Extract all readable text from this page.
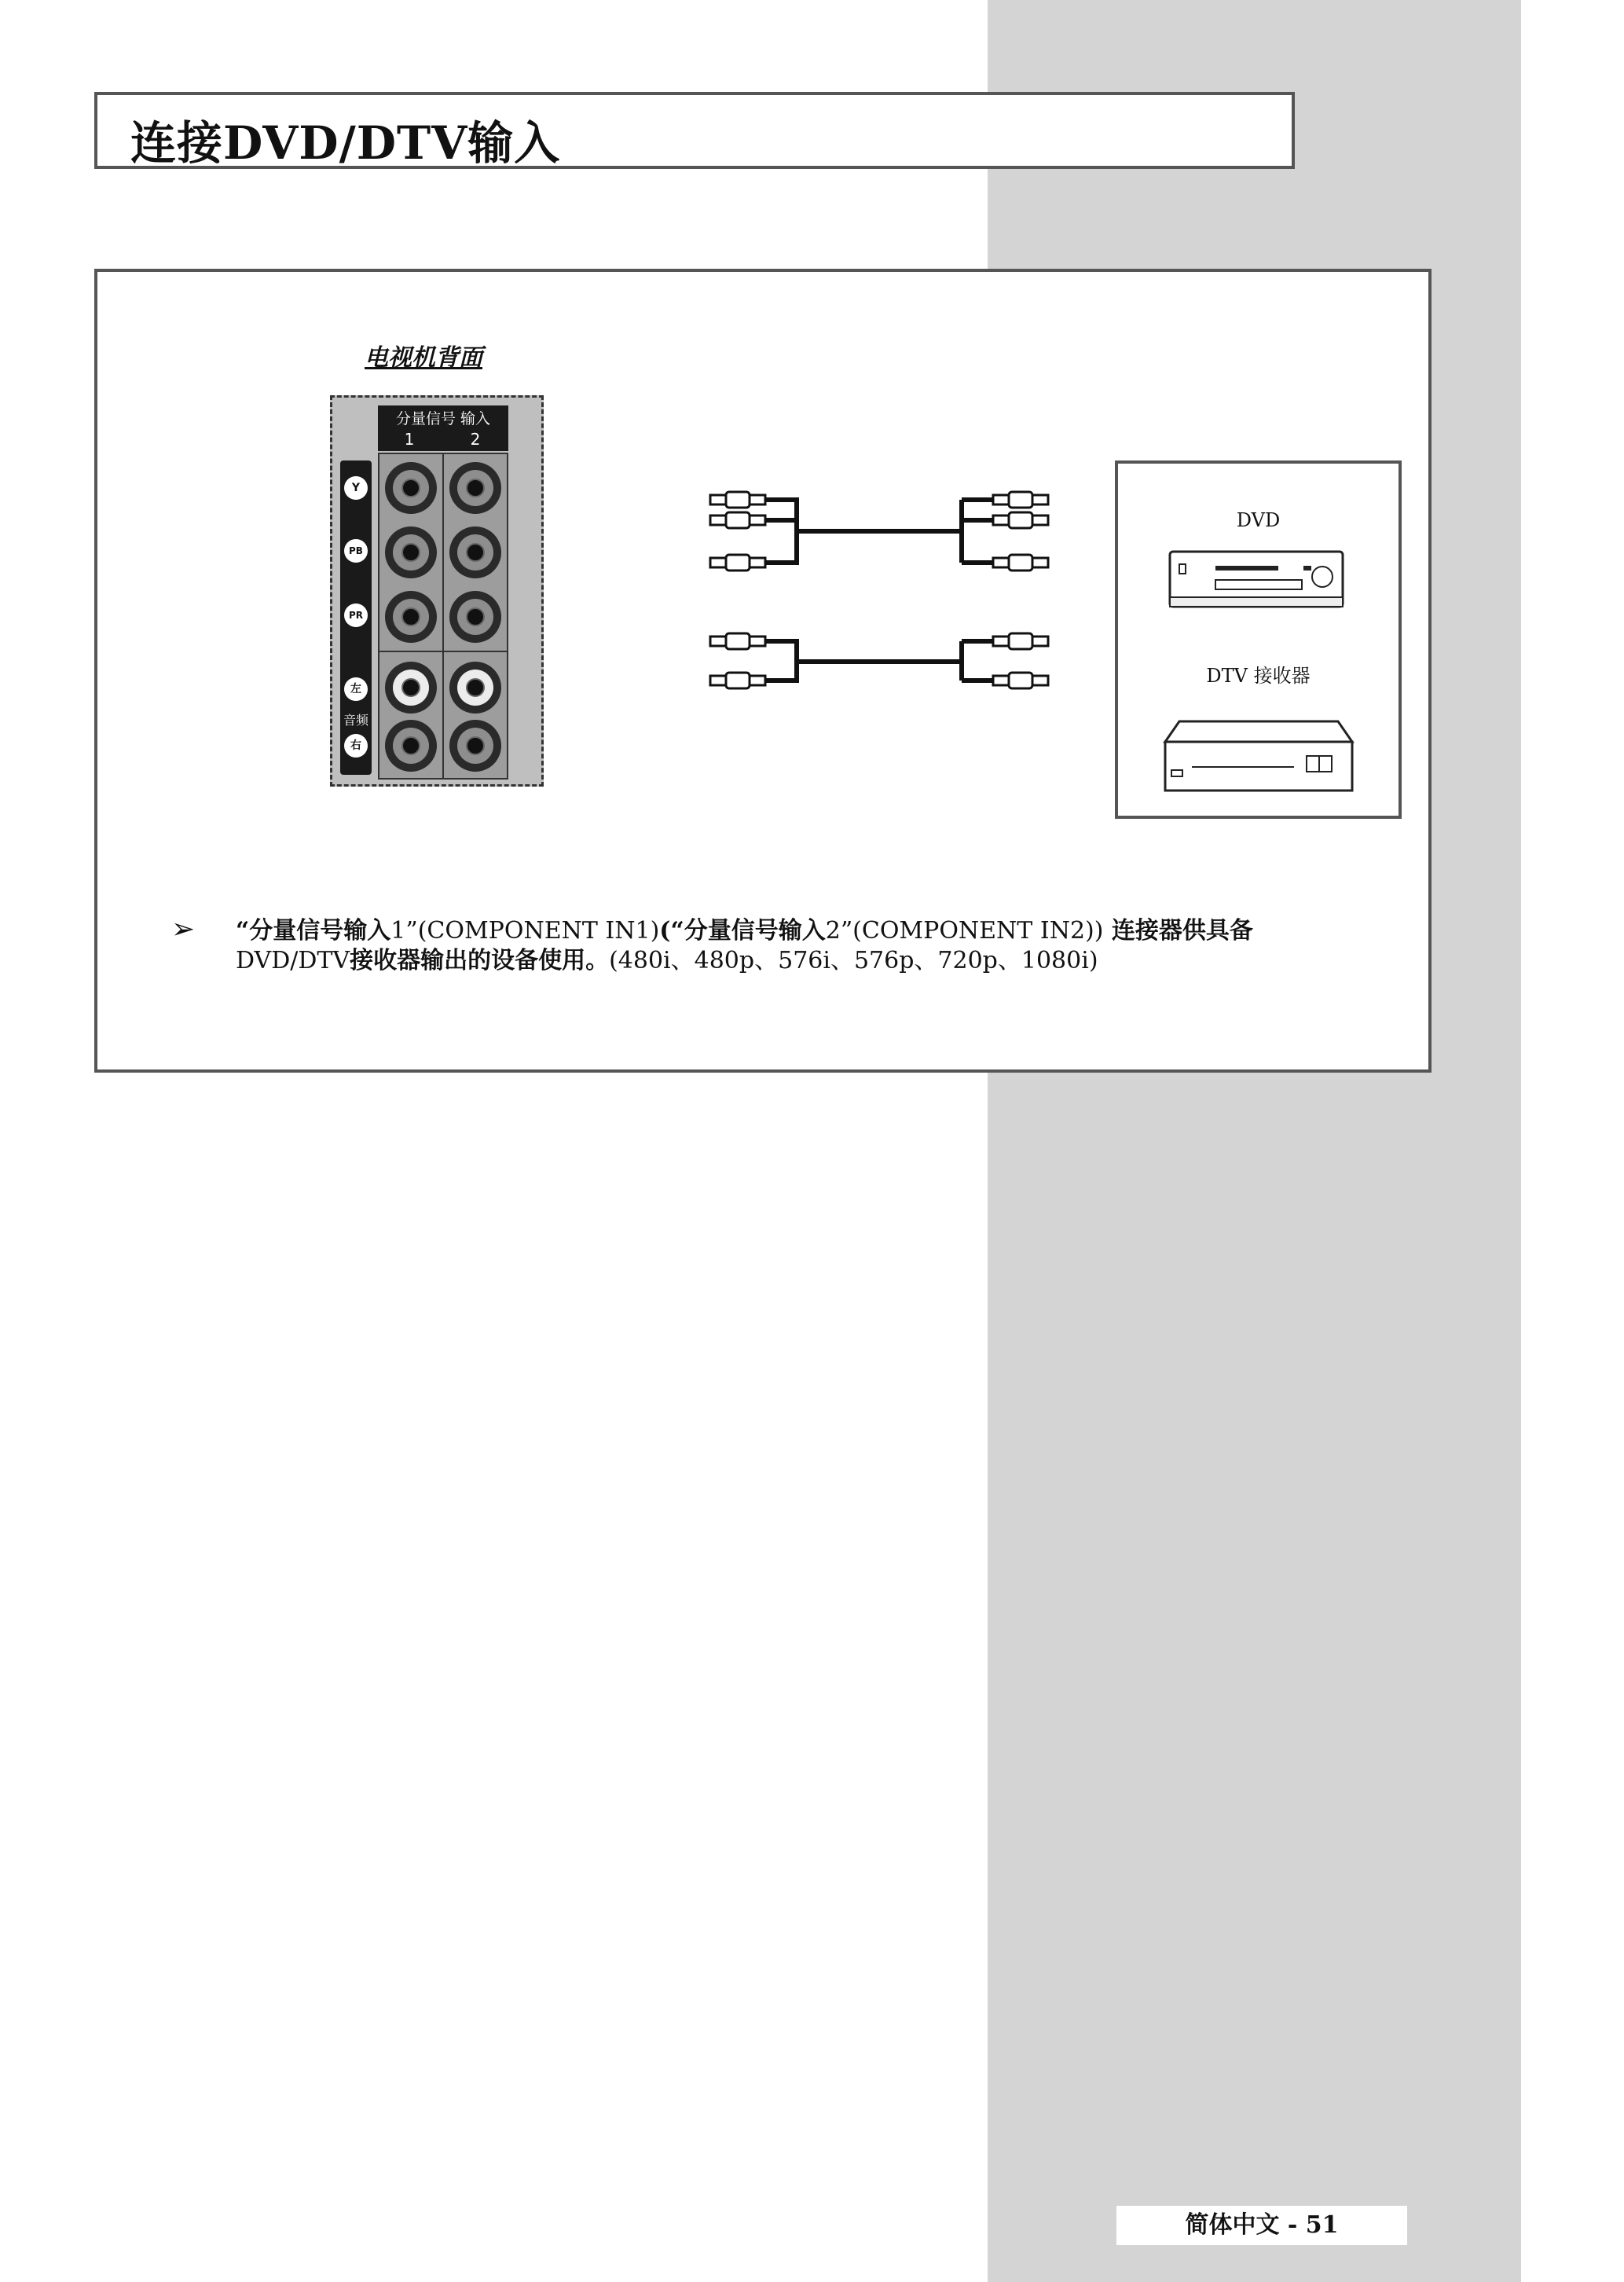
连接DVD/DTV输入
电视机背面
分量信号 输入
1	2
Y
PB
PR
左
音频
右
DVD
DTV 接收器
➢ “分量信号输入1”(COMPONENT IN1)(“分量信号输入2”(COMPONENT IN2)) 连接器供具备
DVD/DTV接收器输出的设备使用。(480i、480p、576i、576p、720p、1080i)
简体中文 - 51
